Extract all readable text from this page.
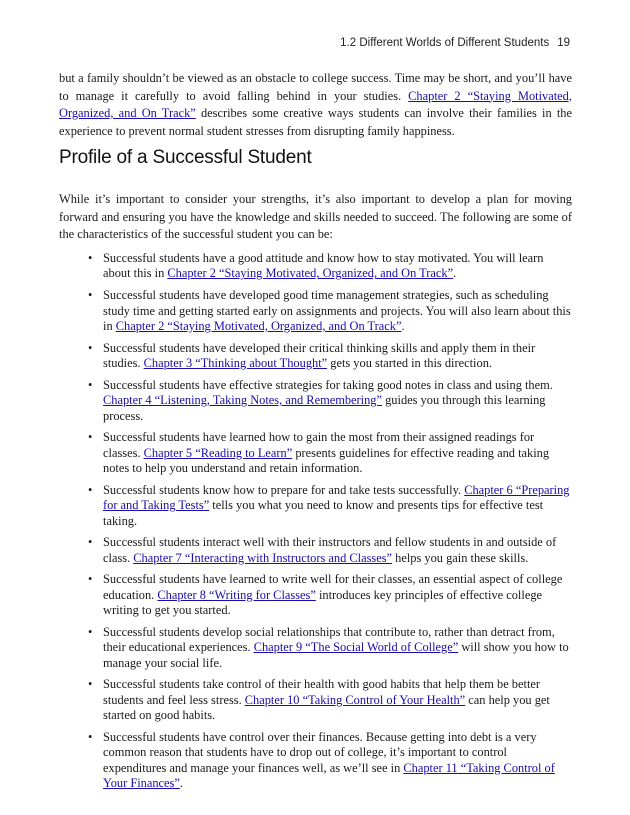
1.2 Different Worlds of Different Students 19

but a family shouldn’t be viewed as an obstacle to college success. Time may be short, and you’ll have to manage it carefully to avoid falling behind in your studies. Chapter 2 “Staying Motivated, Organized, and On Track” describes some creative ways students can involve their families in the experience to prevent normal student stresses from disrupting family happiness.

Profile of a Successful Student

While it’s important to consider your strengths, it’s also important to develop a plan for moving forward and ensuring you have the knowledge and skills needed to succeed. The following are some of the characteristics of the successful student you can be:

• Successful students have a good attitude and know how to stay motivated. You will learn about this in Chapter 2 “Staying Motivated, Organized, and On Track”.
• Successful students have developed good time management strategies, such as scheduling study time and getting started early on assignments and projects. You will also learn about this in Chapter 2 “Staying Motivated, Organized, and On Track”.
• Successful students have developed their critical thinking skills and apply them in their studies. Chapter 3 “Thinking about Thought” gets you started in this direction.
• Successful students have effective strategies for taking good notes in class and using them. Chapter 4 “Listening, Taking Notes, and Remembering” guides you through this learning process.
• Successful students have learned how to gain the most from their assigned readings for classes. Chapter 5 “Reading to Learn” presents guidelines for effective reading and taking notes to help you understand and retain information.
• Successful students know how to prepare for and take tests successfully. Chapter 6 “Preparing for and Taking Tests” tells you what you need to know and presents tips for effective test taking.
• Successful students interact well with their instructors and fellow students in and outside of class. Chapter 7 “Interacting with Instructors and Classes” helps you gain these skills.
• Successful students have learned to write well for their classes, an essential aspect of college education. Chapter 8 “Writing for Classes” introduces key principles of effective college writing to get you started.
• Successful students develop social relationships that contribute to, rather than detract from, their educational experiences. Chapter 9 “The Social World of College” will show you how to manage your social life.
• Successful students take control of their health with good habits that help them be better students and feel less stress. Chapter 10 “Taking Control of Your Health” can help you get started on good habits.
• Successful students have control over their finances. Because getting into debt is a very common reason that students have to drop out of college, it’s important to control expenditures and manage your finances well, as we’ll see in Chapter 11 “Taking Control of Your Finances”.
